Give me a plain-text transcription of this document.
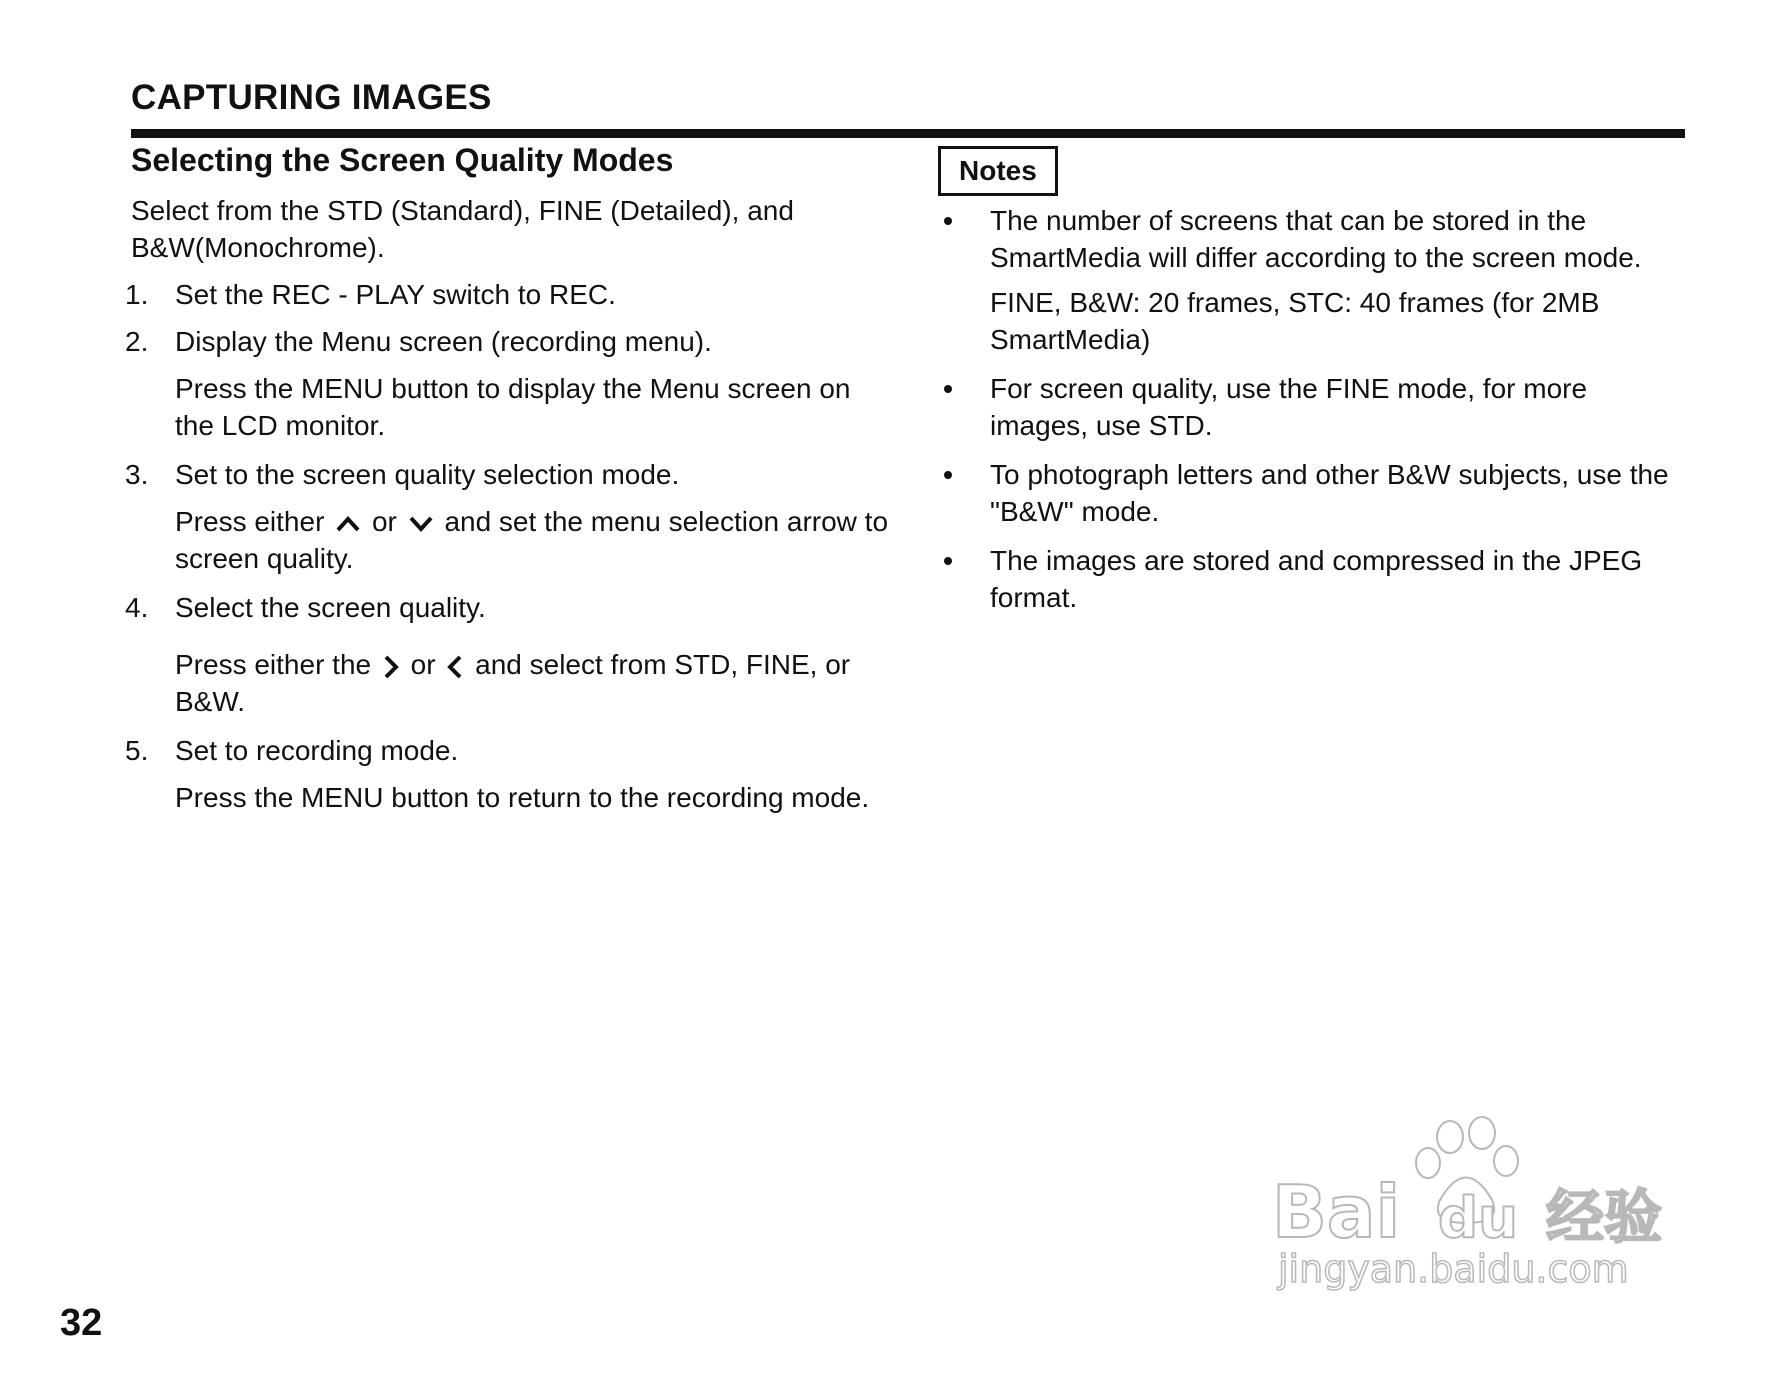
CAPTURING IMAGES
Selecting the Screen Quality Modes

Select from the STD (Standard), FINE (Detailed), and B&W(Monochrome).

1. Set the REC - PLAY switch to REC.

2. Display the Menu screen (recording menu).

Press the MENU button to display the Menu screen on the LCD monitor.

3. Set to the screen quality selection mode.

Press either or and set the menu selection arrow to screen quality.

4. Select the screen quality.

Press either the or and select from STD, FINE, or B&W.

5. Set to recording mode.

Press the MENU button to return to the recording mode.

Notes

The number of screens that can be stored in the SmartMedia will differ according to the screen mode.

FINE, B&W: 20 frames, STC: 40 frames (for 2MB SmartMedia)

For screen quality, use the FINE mode, for more images, use STD.

To photograph letters and other B&W subjects, use the "B&W" mode.

The images are stored and compressed in the JPEG format.

32
Bai du 经验
jingyan.baidu.com
